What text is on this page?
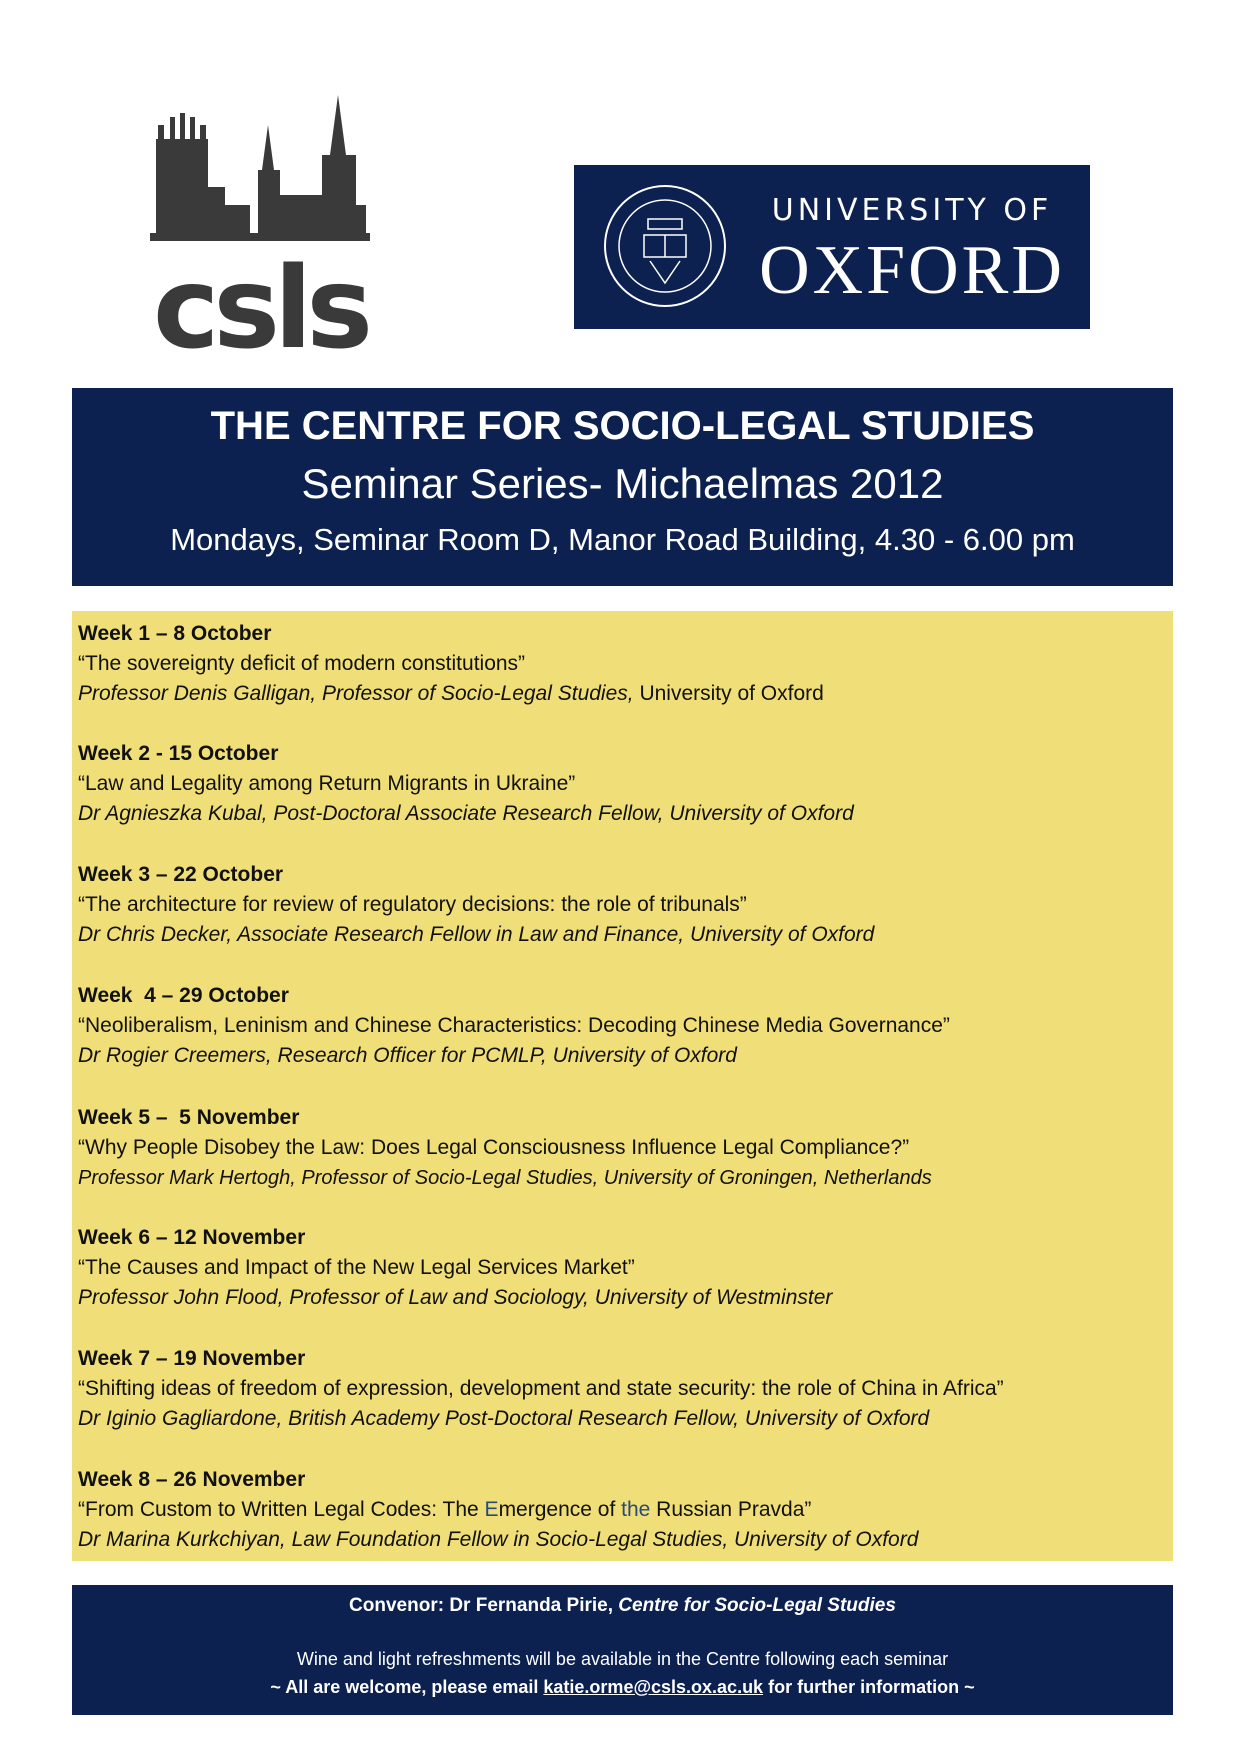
csls
UNIVERSITY OF
OXFORD
THE CENTRE FOR SOCIO-LEGAL STUDIES
Seminar Series- Michaelmas 2012
Mondays, Seminar Room D, Manor Road Building, 4.30 - 6.00 pm
Week 1 – 8 October
“The sovereignty deficit of modern constitutions”
Professor Denis Galligan, Professor of Socio-Legal Studies, University of Oxford
Week 2 - 15 October
“Law and Legality among Return Migrants in Ukraine”
Dr Agnieszka Kubal, Post-Doctoral Associate Research Fellow, University of Oxford
Week 3 – 22 October
“The architecture for review of regulatory decisions: the role of tribunals”
Dr Chris Decker, Associate Research Fellow in Law and Finance, University of Oxford
Week  4 – 29 October
“Neoliberalism, Leninism and Chinese Characteristics: Decoding Chinese Media Governance”
Dr Rogier Creemers, Research Officer for PCMLP, University of Oxford
Week 5 –  5 November
“Why People Disobey the Law: Does Legal Consciousness Influence Legal Compliance?”
Professor Mark Hertogh, Professor of Socio-Legal Studies, University of Groningen, Netherlands
Week 6 – 12 November
“The Causes and Impact of the New Legal Services Market”
Professor John Flood, Professor of Law and Sociology, University of Westminster
Week 7 – 19 November
“Shifting ideas of freedom of expression, development and state security: the role of China in Africa”
Dr Iginio Gagliardone, British Academy Post-Doctoral Research Fellow, University of Oxford
Week 8 – 26 November
“From Custom to Written Legal Codes: The Emergence of the Russian Pravda”
Dr Marina Kurkchiyan, Law Foundation Fellow in Socio-Legal Studies, University of Oxford
Convenor: Dr Fernanda Pirie, Centre for Socio-Legal Studies
Wine and light refreshments will be available in the Centre following each seminar
~ All are welcome, please email katie.orme@csls.ox.ac.uk for further information ~
